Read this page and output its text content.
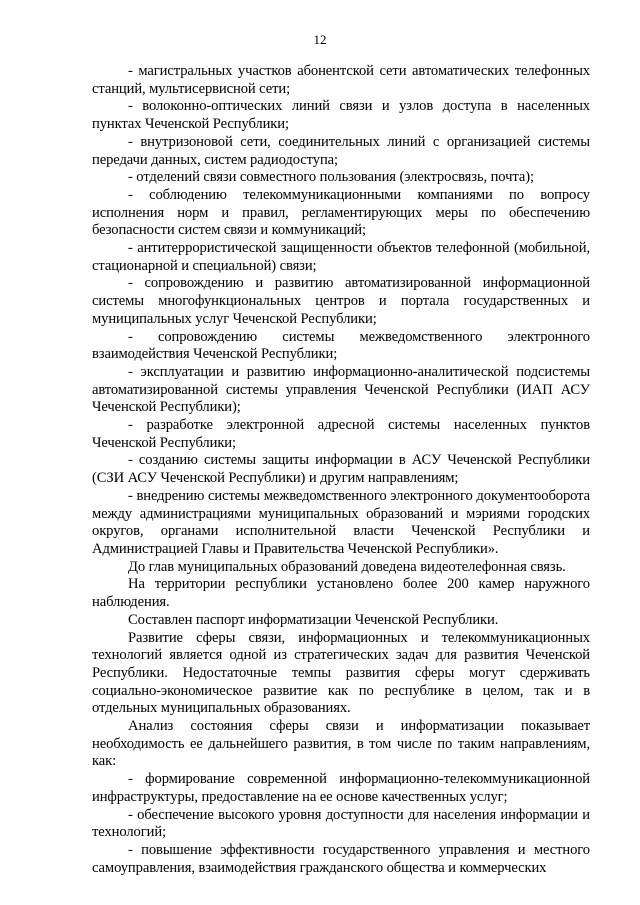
12

- магистральных участков абонентской сети автоматических телефонных станций, мультисервисной сети;

- волоконно-оптических линий связи и узлов доступа в населенных пунктах Чеченской Республики;

- внутризоновой сети, соединительных линий с организацией системы передачи данных, систем радиодоступа;

- отделений связи совместного пользования (электросвязь, почта);

- соблюдению телекоммуникационными компаниями по вопросу исполнения норм и правил, регламентирующих меры по обеспечению безопасности систем связи и коммуникаций;

- антитеррористической защищенности объектов телефонной (мобильной, стационарной и специальной) связи;

- сопровождению и развитию автоматизированной информационной системы многофункциональных центров и портала государственных и муниципальных услуг Чеченской Республики;

- сопровождению системы межведомственного электронного взаимодействия Чеченской Республики;

- эксплуатации и развитию информационно-аналитической подсистемы автоматизированной системы управления Чеченской Республики (ИАП АСУ Чеченской Республики);

- разработке электронной адресной системы населенных пунктов Чеченской Республики;

- созданию системы защиты информации в АСУ Чеченской Республики (СЗИ АСУ Чеченской Республики) и другим направлениям;

- внедрению системы межведомственного электронного документооборота между администрациями муниципальных образований и мэриями городских округов, органами исполнительной власти Чеченской Республики и Администрацией Главы и Правительства Чеченской Республики».

До глав муниципальных образований доведена видеотелефонная связь.

На территории республики установлено более 200 камер наружного наблюдения.

Составлен паспорт информатизации Чеченской Республики.

Развитие сферы связи, информационных и телекоммуникационных технологий является одной из стратегических задач для развития Чеченской Республики. Недостаточные темпы развития сферы могут сдерживать социально-экономическое развитие как по республике в целом, так и в отдельных муниципальных образованиях.

Анализ состояния сферы связи и информатизации показывает необходимость ее дальнейшего развития, в том числе по таким направлениям, как:

- формирование современной информационно-телекоммуникационной инфраструктуры, предоставление на ее основе качественных услуг;

- обеспечение высокого уровня доступности для населения информации и технологий;

- повышение эффективности государственного управления и местного самоуправления, взаимодействия гражданского общества и коммерческих
